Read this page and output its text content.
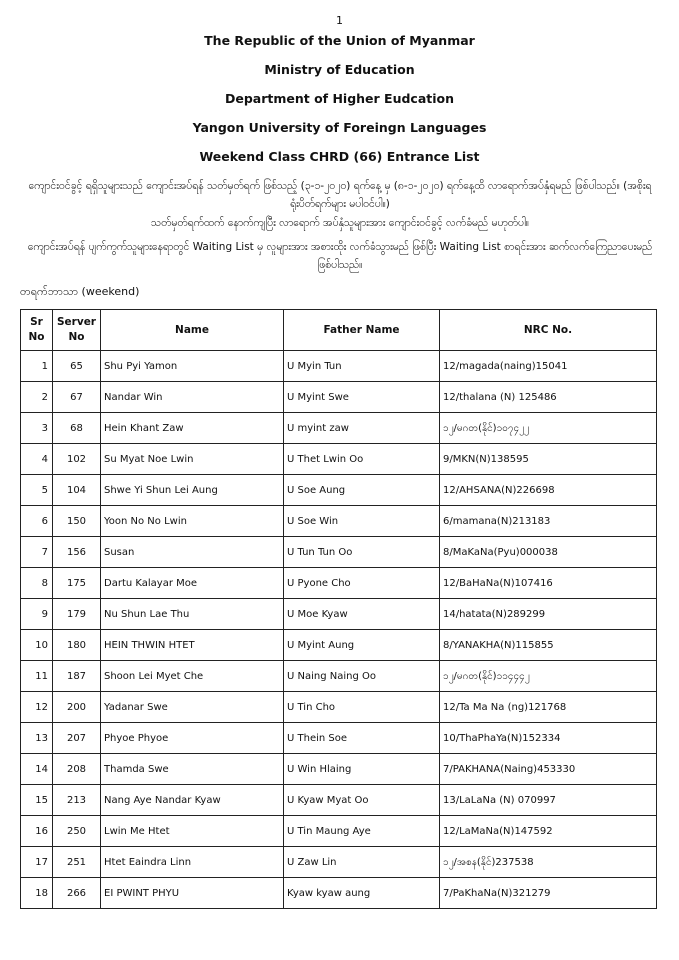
1
The Republic of the Union of Myanmar
Ministry of Education
Department of Higher Eudcation
Yangon University of Foreingn Languages
Weekend Class CHRD (66) Entrance List
ကျောင်းဝင်ခွင့် ရရှိသူများသည် ကျောင်းအပ်ရန် သတ်မှတ်ရက် ဖြစ်သည့် (၃-၁-၂၀၂၀) ရက်နေ့ မှ (၈-၁-၂၀၂၀) ရက်နေ့ထိ လာရောက်အပ်နှံရမည် ဖြစ်ပါသည်။ (အစိုးရရုံးပိတ်ရက်များ မပါဝင်ပါ။)
သတ်မှတ်ရက်ထက် နောက်ကျပြီး လာရောက် အပ်နှံသူများအား ကျောင်းဝင်ခွင့် လက်ခံမည် မဟုတ်ပါ။
ကျောင်းအပ်ရန် ပျက်ကွက်သူများနေရာတွင် Waiting List မှ လူများအား အစားထိုး လက်ခံသွားမည် ဖြစ်ပြီး Waiting List စာရင်းအား ဆက်လက်ကြေညာပေးမည် ဖြစ်ပါသည်။
တရက်ဘာသာ (weekend)
Sr No	Server No	Name	Father Name	NRC No.
1	65	Shu Pyi Yamon	U Myin Tun	12/magada(naing)15041
2	67	Nandar Win	U Myint Swe	12/thalana (N) 125486
3	68	Hein Khant Zaw	U myint zaw	၁၂/မဂတ(နိုင်)၁၀၇၄၂၂
4	102	Su Myat Noe Lwin	U Thet Lwin Oo	9/MKN(N)138595
5	104	Shwe Yi Shun Lei Aung	U Soe Aung	12/AHSANA(N)226698
6	150	Yoon No No Lwin	U Soe Win	6/mamana(N)213183
7	156	Susan	U Tun Tun Oo	8/MaKaNa(Pyu)000038
8	175	Dartu Kalayar Moe	U Pyone Cho	12/BaHaNa(N)107416
9	179	Nu Shun Lae Thu	U Moe Kyaw	14/hatata(N)289299
10	180	HEIN THWIN HTET	U Myint Aung	8/YANAKHA(N)115855
11	187	Shoon Lei Myet Che	U Naing Naing Oo	၁၂/မဂတ(နိုင်)၁၁၄၄၄၂
12	200	Yadanar Swe	U Tin Cho	12/Ta Ma Na (ng)121768
13	207	Phyoe Phyoe	U Thein Soe	10/ThaPhaYa(N)152334
14	208	Thamda Swe	U Win Hlaing	7/PAKHANA(Naing)453330
15	213	Nang Aye Nandar Kyaw	U Kyaw Myat Oo	13/LaLaNa (N) 070997
16	250	Lwin Me Htet	U Tin Maung Aye	12/LaMaNa(N)147592
17	251	Htet Eaindra Linn	U Zaw Lin	၁၂/အစန(နိုင်)237538
18	266	EI PWINT PHYU	Kyaw kyaw aung	7/PaKhaNa(N)321279
